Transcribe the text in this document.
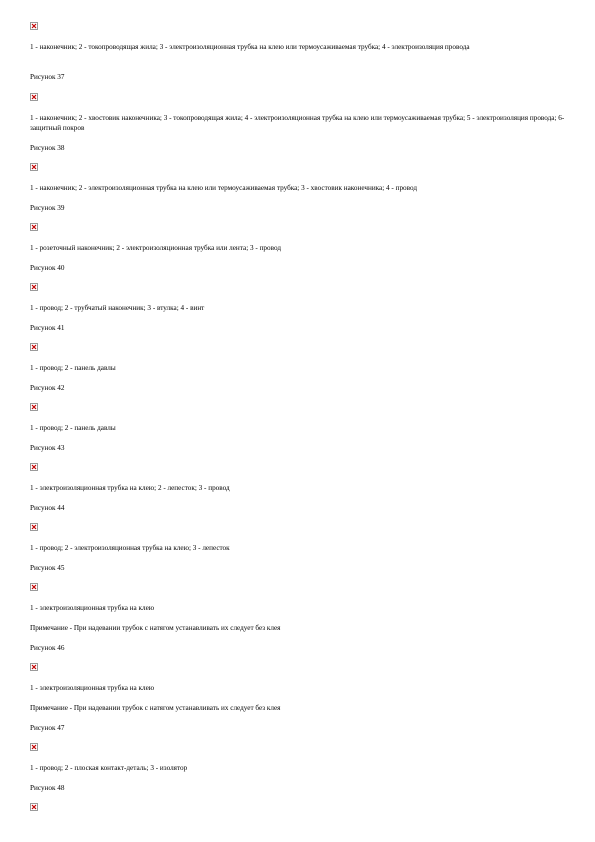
1 - наконечник; 2 - токопроводящая жила; 3 - электроизоляционная трубка на клею или термоусаживаемая трубка; 4 - электроизоляция провода
Рисунок 37
1 - наконечник; 2 - хвостовик наконечника; 3 - токопроводящая жила; 4 - электроизоляционная трубка на клею или термоусаживаемая трубка; 5 - электроизоляция провода; 6- защитный покров
Рисунок 38
1 - наконечник; 2 - электроизоляционная трубка на клею или термоусаживаемая трубка; 3 - хвостовик наконечника; 4 - провод
Рисунок 39
1 - розеточный наконечник; 2 - электроизоляционная трубка или лента; 3 - провод
Рисунок 40
1 - провод; 2 - трубчатый наконечник; 3 - втулка; 4 - винт
Рисунок 41
1 - провод; 2 - панель давлы
Рисунок 42
1 - провод; 2 - панель давлы
Рисунок 43
1 - электроизоляционная трубка на клею; 2 - лепесток; 3 - провод
Рисунок 44
1 - провод; 2 - электроизоляционная трубка на клею; 3 - лепесток
Рисунок 45
1 - электроизоляционная трубка на клею
Примечание - При надевании трубок с натягом устанавливать их следует без клея
Рисунок 46
1 - электроизоляционная трубка на клею
Примечание - При надевании трубок с натягом устанавливать их следует без клея
Рисунок 47
1 - провод; 2 - плоская контакт-деталь; 3 - изолятор
Рисунок 48
